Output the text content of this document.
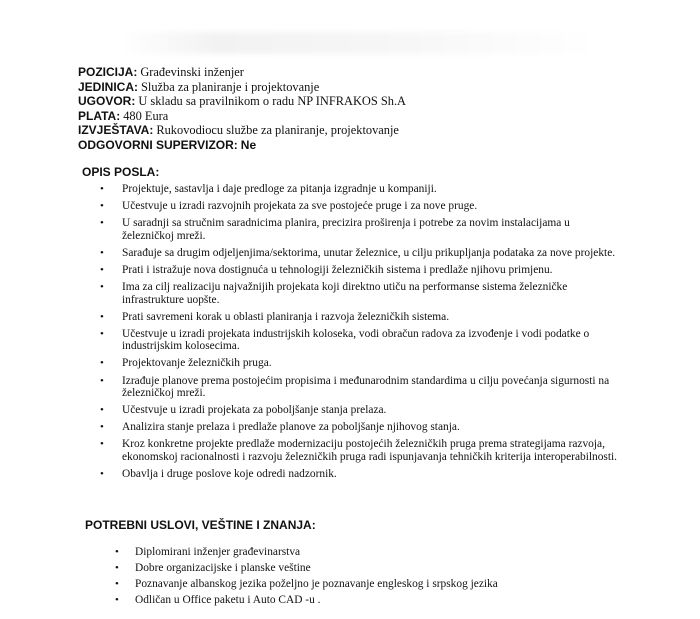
POZICIJA: Građevinski inženjer
JEDINICA: Služba za planiranje i projektovanje
UGOVOR: U skladu sa pravilnikom o radu NP INFRAKOS Sh.A
PLATA: 480 Eura
IZVJEŠTAVA: Rukovodiocu službe za planiranje, projektovanje
ODGOVORNI SUPERVIZOR: Ne
OPIS POSLA:
• Projektuje, sastavlja i daje predloge za pitanja izgradnje u kompaniji.
• Učestvuje u izradi razvojnih projekata za sve postojeće pruge i za nove pruge.
• U saradnji sa stručnim saradnicima planira, precizira proširenja i potrebe za novim instalacijama u železničkoj mreži.
• Sarađuje sa drugim odjeljenjima/sektorima, unutar železnice, u cilju prikupljanja podataka za nove projekte.
• Prati i istražuje nova dostignuća u tehnologiji železničkih sistema i predlaže njihovu primjenu.
• Ima za cilj realizaciju najvažnijih projekata koji direktno utiču na performanse sistema železničke infrastrukture uopšte.
• Prati savremeni korak u oblasti planiranja i razvoja železničkih sistema.
• Učestvuje u izradi projekata industrijskih koloseka, vodi obračun radova za izvođenje i vodi podatke o industrijskim kolosecima.
• Projektovanje železničkih pruga.
• Izrađuje planove prema postojećim propisima i međunarodnim standardima u cilju povećanja sigurnosti na železničkoj mreži.
• Učestvuje u izradi projekata za poboljšanje stanja prelaza.
• Analizira stanje prelaza i predlaže planove za poboljšanje njihovog stanja.
• Kroz konkretne projekte predlaže modernizaciju postojećih železničkih pruga prema strategijama razvoja, ekonomskoj racionalnosti i razvoju železničkih pruga radi ispunjavanja tehničkih kriterija interoperabilnosti.
• Obavlja i druge poslove koje odredi nadzornik.
POTREBNI USLOVI, VEŠTINE I ZNANJA:
• Diplomirani inženjer građevinarstva
• Dobre organizacijske i planske veštine
• Poznavanje albanskog jezika poželjno je poznavanje engleskog i srpskog jezika
• Odličan u Office paketu i Auto CAD -u .
